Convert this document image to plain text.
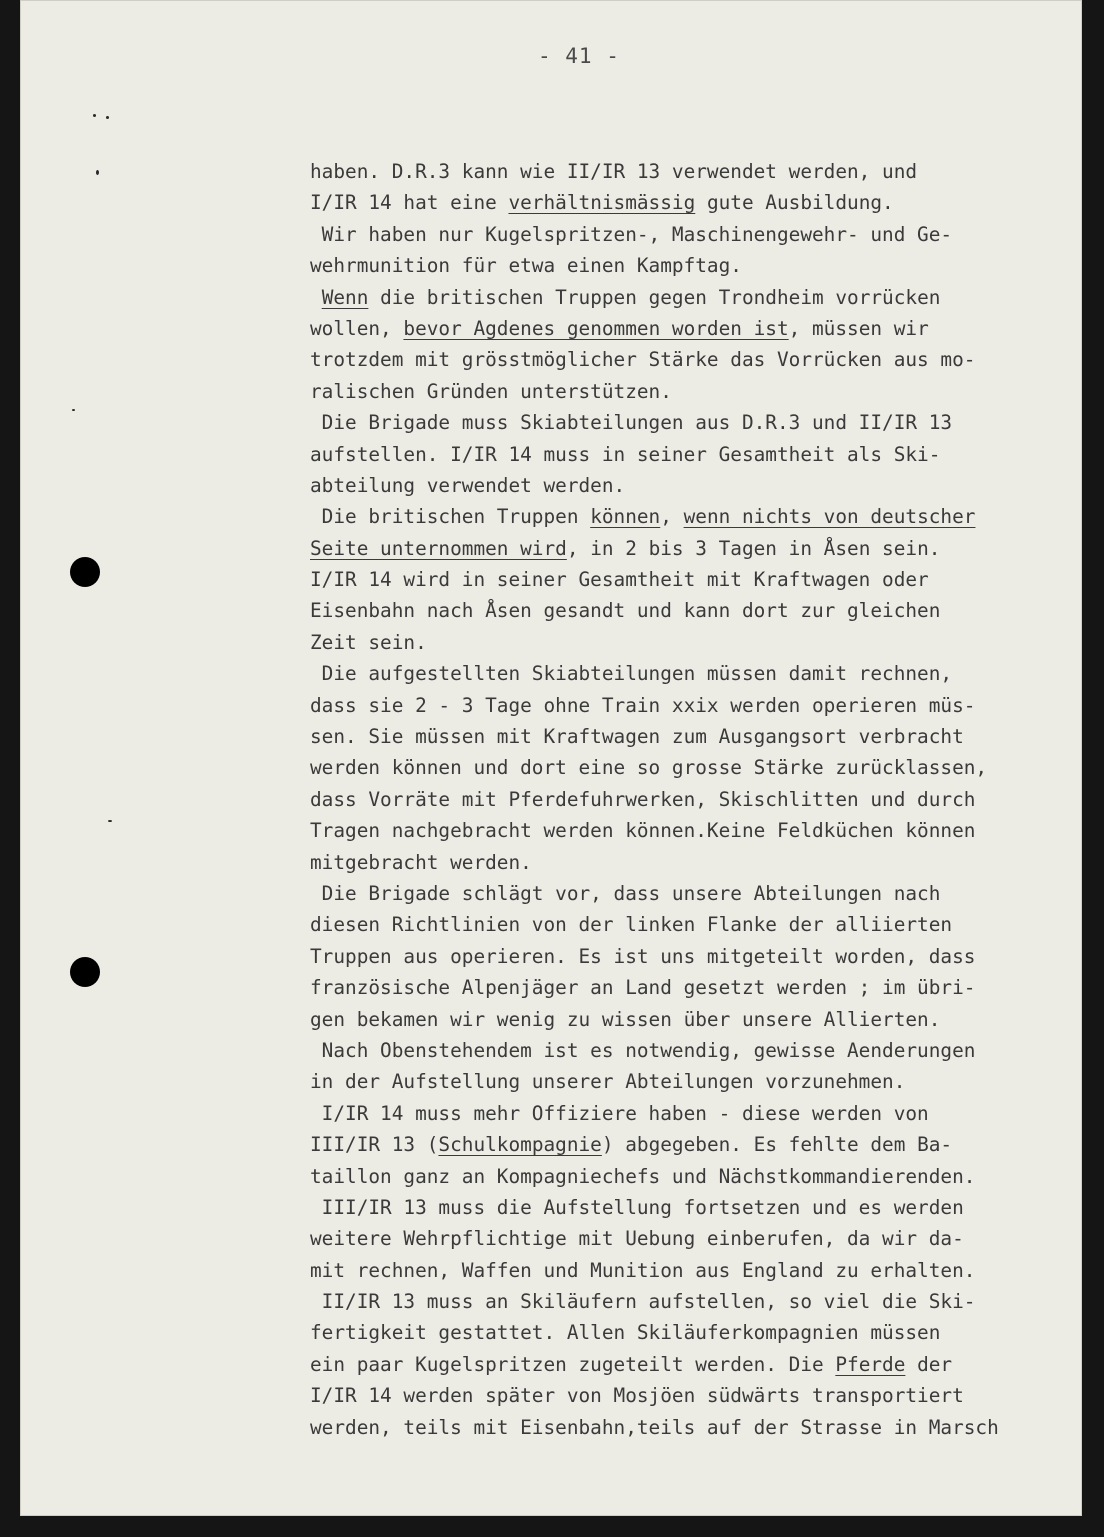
- 41 -
haben. D.R.3 kann wie II/IR 13 verwendet werden, und
I/IR 14 hat eine verhältnismässig gute Ausbildung.
Wir haben nur Kugelspritzen-, Maschinengewehr- und Ge-
wehrmunition für etwa einen Kampftag.
Wenn die britischen Truppen gegen Trondheim vorrücken
wollen, bevor Agdenes genommen worden ist, müssen wir
trotzdem mit grösstmöglicher Stärke das Vorrücken aus mo-
ralischen Gründen unterstützen.
Die Brigade muss Skiabteilungen aus D.R.3 und II/IR 13
aufstellen. I/IR 14 muss in seiner Gesamtheit als Ski-
abteilung verwendet werden.
Die britischen Truppen können, wenn nichts von deutscher
Seite unternommen wird, in 2 bis 3 Tagen in Åsen sein.
I/IR 14 wird in seiner Gesamtheit mit Kraftwagen oder
Eisenbahn nach Åsen gesandt und kann dort zur gleichen
Zeit sein.
Die aufgestellten Skiabteilungen müssen damit rechnen,
dass sie 2 - 3 Tage ohne Train xxix werden operieren müs-
sen. Sie müssen mit Kraftwagen zum Ausgangsort verbracht
werden können und dort eine so grosse Stärke zurücklassen,
dass Vorräte mit Pferdefuhrwerken, Skischlitten und durch
Tragen nachgebracht werden können.Keine Feldküchen können
mitgebracht werden.
Die Brigade schlägt vor, dass unsere Abteilungen nach
diesen Richtlinien von der linken Flanke der alliierten
Truppen aus operieren. Es ist uns mitgeteilt worden, dass
französische Alpenjäger an Land gesetzt werden ; im übri-
gen bekamen wir wenig zu wissen über unsere Allierten.
Nach Obenstehendem ist es notwendig, gewisse Aenderungen
in der Aufstellung unserer Abteilungen vorzunehmen.
I/IR 14 muss mehr Offiziere haben - diese werden von
III/IR 13 (Schulkompagnie) abgegeben. Es fehlte dem Ba-
taillon ganz an Kompagniechefs und Nächstkommandierenden.
III/IR 13 muss die Aufstellung fortsetzen und es werden
weitere Wehrpflichtige mit Uebung einberufen, da wir da-
mit rechnen, Waffen und Munition aus England zu erhalten.
II/IR 13 muss an Skiläufern aufstellen, so viel die Ski-
fertigkeit gestattet. Allen Skiläuferkompagnien müssen
ein paar Kugelspritzen zugeteilt werden. Die Pferde der
I/IR 14 werden später von Mosjöen südwärts transportiert
werden, teils mit Eisenbahn,teils auf der Strasse in Marsch
